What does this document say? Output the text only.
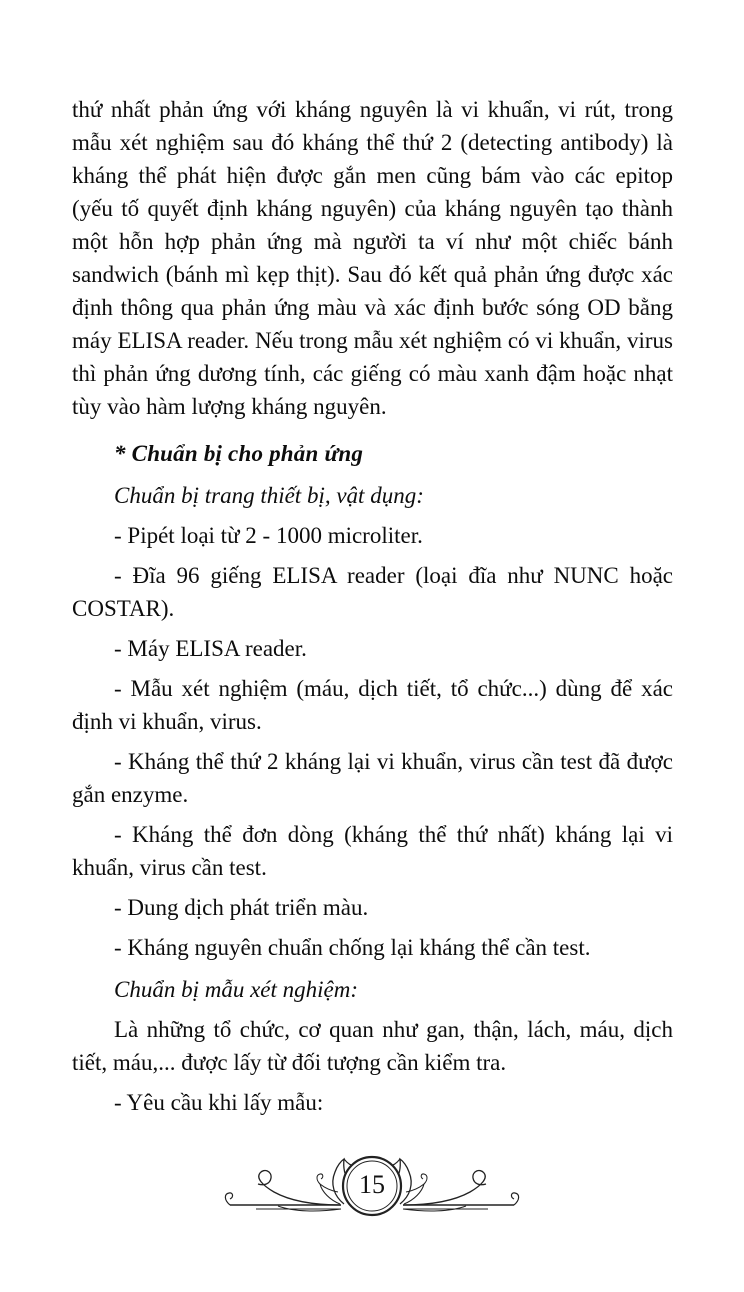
thứ nhất phản ứng với kháng nguyên là vi khuẩn, vi rút, trong
mẫu xét nghiệm sau đó kháng thể thứ 2 (detecting antibody) là
kháng thể phát hiện được gắn men cũng bám vào các epitop
(yếu tố quyết định kháng nguyên) của kháng nguyên tạo thành
một hỗn hợp phản ứng mà người ta ví như một chiếc bánh
sandwich (bánh mì kẹp thịt). Sau đó kết quả phản ứng được xác
định thông qua phản ứng màu và xác định bước sóng OD bằng
máy ELISA reader. Nếu trong mẫu xét nghiệm có vi khuẩn, virus
thì phản ứng dương tính, các giếng có màu xanh đậm hoặc nhạt
tùy vào hàm lượng kháng nguyên.
* Chuẩn bị cho phản ứng
Chuẩn bị trang thiết bị, vật dụng:
- Pipét loại từ 2 - 1000 microliter.
- Đĩa 96 giếng ELISA reader (loại đĩa như NUNC hoặc
COSTAR).
- Máy ELISA reader.
- Mẫu xét nghiệm (máu, dịch tiết, tổ chức...) dùng để xác
định vi khuẩn, virus.
- Kháng thể thứ 2 kháng lại vi khuẩn, virus cần test đã được
gắn enzyme.
- Kháng thể đơn dòng (kháng thể thứ nhất) kháng lại vi
khuẩn, virus cần test.
- Dung dịch phát triển màu.
- Kháng nguyên chuẩn chống lại kháng thể cần test.
Chuẩn bị mẫu xét nghiệm:
Là những tổ chức, cơ quan như gan, thận, lách, máu, dịch
tiết, máu,... được lấy từ đối tượng cần kiểm tra.
- Yêu cầu khi lấy mẫu:
15
